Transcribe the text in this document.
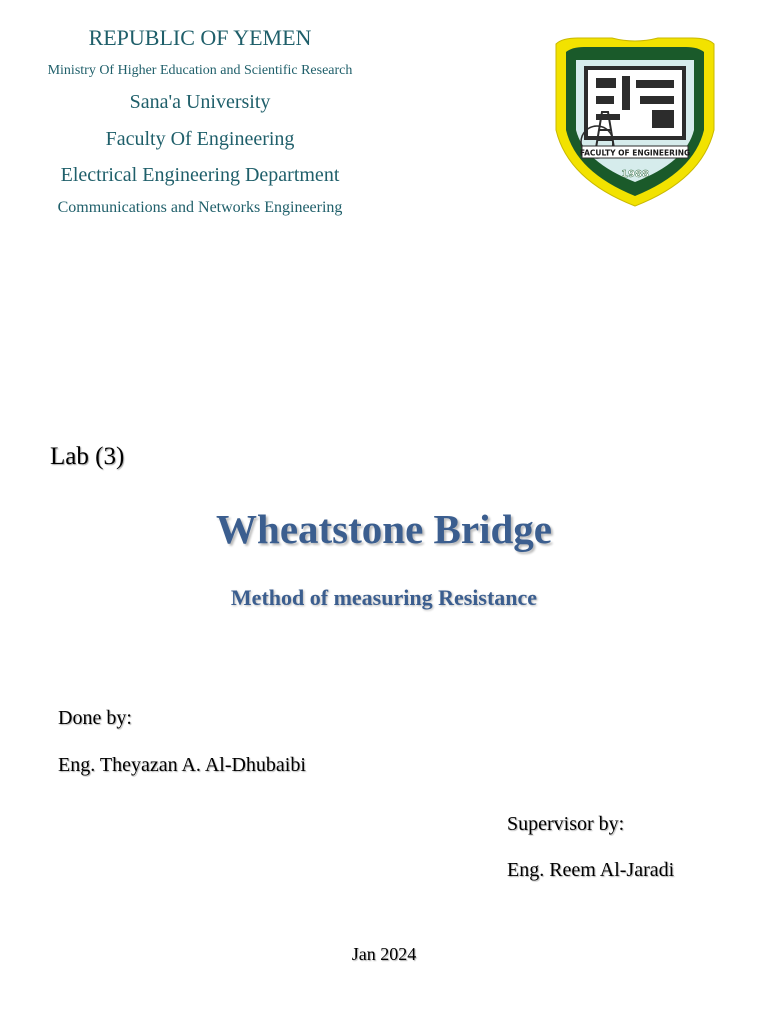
REPUBLIC OF YEMEN
Ministry Of Higher Education and Scientific Research
Sana'a University
Faculty Of Engineering
Electrical Engineering Department
Communications and Networks Engineering
FACULTY OF ENGINEERING
1988
Lab (3)
Wheatstone Bridge
Method of measuring Resistance
Done by:
Eng. Theyazan A. Al-Dhubaibi
Supervisor by:
Eng. Reem Al-Jaradi
Jan 2024
